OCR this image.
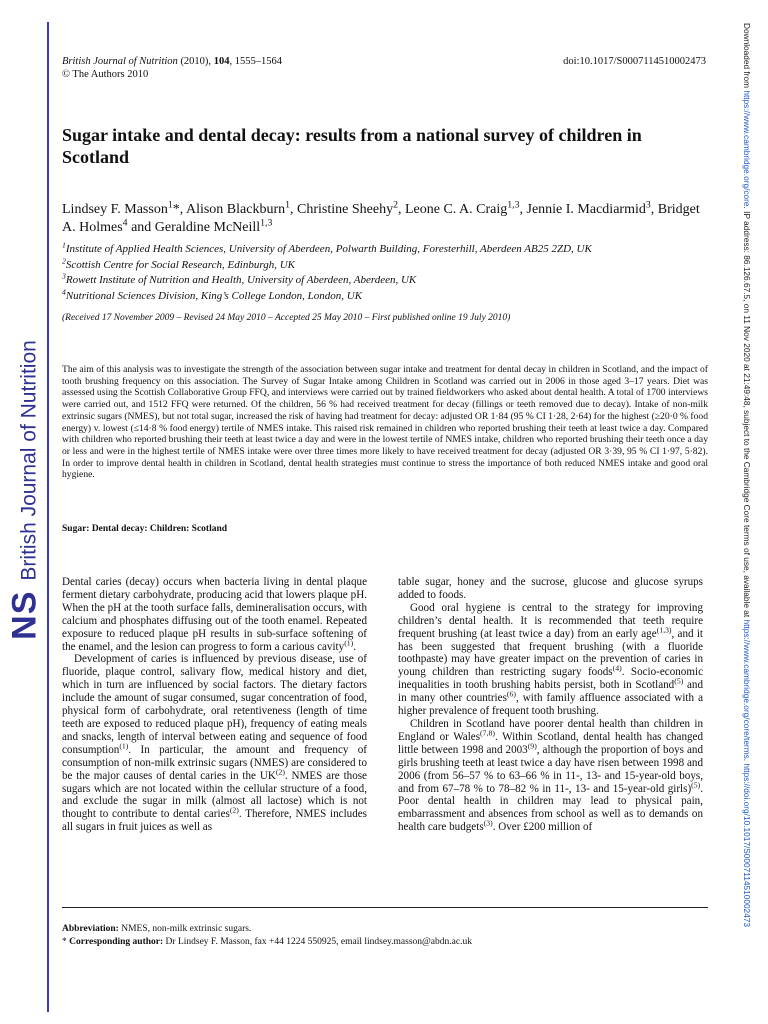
NSBritish Journal of Nutrition
Downloaded from https://www.cambridge.org/core. IP address: 86.126.67.5, on 11 Nov 2020 at 21:49:48, subject to the Cambridge Core terms of use, available at https://www.cambridge.org/core/terms. https://doi.org/10.1017/S0007114510002473
British Journal of Nutrition (2010), 104, 1555–1564
© The Authors 2010
doi:10.1017/S0007114510002473
Sugar intake and dental decay: results from a national survey of children in Scotland
Lindsey F. Masson$^1$*, Alison Blackburn$^1$, Christine Sheehy$^2$, Leone C. A. Craig$^{1,3}$, Jennie I. Macdiarmid$^3$, Bridget A. Holmes$^4$ and Geraldine McNeill$^{1,3}$
$^1$Institute of Applied Health Sciences, University of Aberdeen, Polwarth Building, Foresterhill, Aberdeen AB25 2ZD, UK
$^2$Scottish Centre for Social Research, Edinburgh, UK
$^3$Rowett Institute of Nutrition and Health, University of Aberdeen, Aberdeen, UK
$^4$Nutritional Sciences Division, King’s College London, London, UK
(Received 17 November 2009 – Revised 24 May 2010 – Accepted 25 May 2010 – First published online 19 July 2010)
The aim of this analysis was to investigate the strength of the association between sugar intake and treatment for dental decay in children in Scotland, and the impact of tooth brushing frequency on this association. The Survey of Sugar Intake among Children in Scotland was carried out in 2006 in those aged 3–17 years. Diet was assessed using the Scottish Collaborative Group FFQ, and interviews were carried out by trained fieldworkers who asked about dental health. A total of 1700 interviews were carried out, and 1512 FFQ were returned. Of the children, 56 % had received treatment for decay (fillings or teeth removed due to decay). Intake of non-milk extrinsic sugars (NMES), but not total sugar, increased the risk of having had treatment for decay: adjusted OR 1·84 (95 % CI 1·28, 2·64) for the highest (≥20·0 % food energy) v. lowest (≤14·8 % food energy) tertile of NMES intake. This raised risk remained in children who reported brushing their teeth at least twice a day. Compared with children who reported brushing their teeth at least twice a day and were in the lowest tertile of NMES intake, children who reported brushing their teeth once a day or less and were in the highest tertile of NMES intake were over three times more likely to have received treatment for decay (adjusted OR 3·39, 95 % CI 1·97, 5·82). In order to improve dental health in children in Scotland, dental health strategies must continue to stress the importance of both reduced NMES intake and good oral hygiene.
Sugar: Dental decay: Children: Scotland

Dental caries (decay) occurs when bacteria living in dental plaque ferment dietary carbohydrate, producing acid that lowers plaque pH. When the pH at the tooth surface falls, demineralisation occurs, with calcium and phosphates diffusing out of the tooth enamel. Repeated exposure to reduced plaque pH results in sub-surface softening of the enamel, and the lesion can progress to form a carious cavity$^{(1)}$.

Development of caries is influenced by previous disease, use of fluoride, plaque control, salivary flow, medical history and diet, which in turn are influenced by social factors. The dietary factors include the amount of sugar consumed, sugar concentration of food, physical form of carbohydrate, oral retentiveness (length of time teeth are exposed to reduced plaque pH), frequency of eating meals and snacks, length of interval between eating and sequence of food consumption$^{(1)}$. In particular, the amount and frequency of consumption of non-milk extrinsic sugars (NMES) are considered to be the major causes of dental caries in the UK$^{(2)}$. NMES are those sugars which are not located within the cellular structure of a food, and exclude the sugar in milk (almost all lactose) which is not thought to contribute to dental caries$^{(2)}$. Therefore, NMES includes all sugars in fruit juices as well as

table sugar, honey and the sucrose, glucose and glucose syrups added to foods.

Good oral hygiene is central to the strategy for improving children’s dental health. It is recommended that teeth require frequent brushing (at least twice a day) from an early age$^{(1,3)}$, and it has been suggested that frequent brushing (with a fluoride toothpaste) may have greater impact on the prevention of caries in young children than restricting sugary foods$^{(4)}$. Socio-economic inequalities in tooth brushing habits persist, both in Scotland$^{(5)}$ and in many other countries$^{(6)}$, with family affluence associated with a higher prevalence of frequent tooth brushing.

Children in Scotland have poorer dental health than children in England or Wales$^{(7,8)}$. Within Scotland, dental health has changed little between 1998 and 2003$^{(9)}$, although the proportion of boys and girls brushing teeth at least twice a day have risen between 1998 and 2006 (from 56–57 % to 63–66 % in 11-, 13- and 15-year-old boys, and from 67–78 % to 78–82 % in 11-, 13- and 15-year-old girls)$^{(5)}$. Poor dental health in children may lead to physical pain, embarrassment and absences from school as well as to demands on health care budgets$^{(3)}$. Over £200 million of

Abbreviation: NMES, non-milk extrinsic sugars.
* Corresponding author: Dr Lindsey F. Masson, fax +44 1224 550925, email lindsey.masson@abdn.ac.uk
